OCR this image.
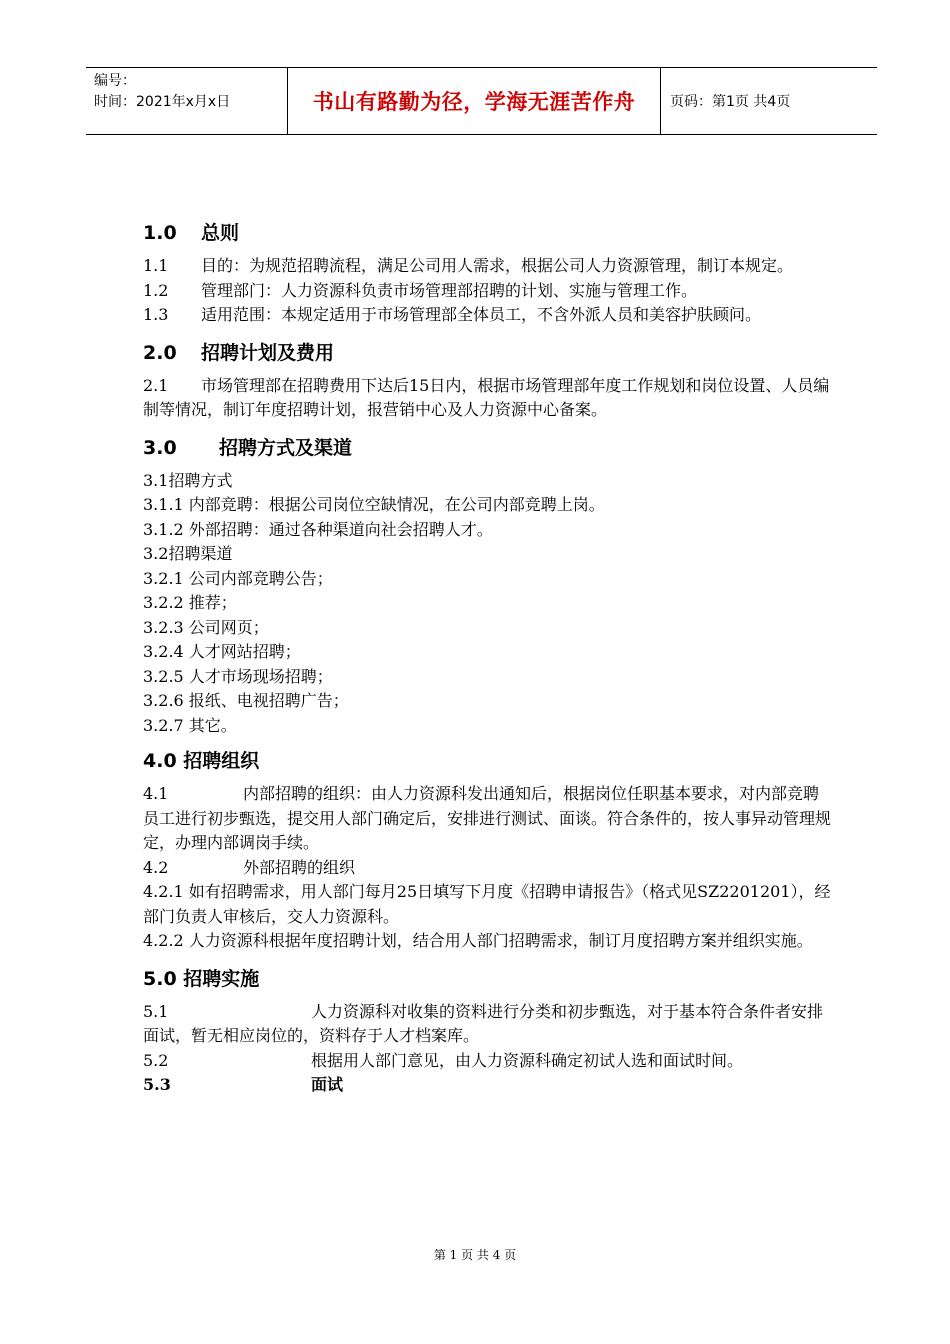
编号：
时间：2021年x月x日	书山有路勤为径，学海无涯苦作舟	页码：第1页 共4页
1.0 总则

1.1 目的：为规范招聘流程，满足公司用人需求，根据公司人力资源管理，制订本规定。

1.2 管理部门：人力资源科负责市场管理部招聘的计划、实施与管理工作。

1.3 适用范围：本规定适用于市场管理部全体员工，不含外派人员和美容护肤顾问。

2.0 招聘计划及费用

2.1 市场管理部在招聘费用下达后15日内，根据市场管理部年度工作规划和岗位设置、人员编制等情况，制订年度招聘计划，报营销中心及人力资源中心备案。

3.0 招聘方式及渠道

3.1招聘方式

3.1.1 内部竞聘：根据公司岗位空缺情况，在公司内部竞聘上岗。

3.1.2 外部招聘：通过各种渠道向社会招聘人才。

3.2招聘渠道

3.2.1 公司内部竞聘公告；

3.2.2 推荐；

3.2.3 公司网页；

3.2.4 人才网站招聘；

3.2.5 人才市场现场招聘；

3.2.6 报纸、电视招聘广告；

3.2.7 其它。

4.0 招聘组织

4.1	内部招聘的组织：由人力资源科发出通知后，根据岗位任职基本要求，对内部竞聘员工进行初步甄选，提交用人部门确定后，安排进行测试、面谈。符合条件的，按人事异动管理规定，办理内部调岗手续。

4.2	外部招聘的组织

4.2.1 如有招聘需求，用人部门每月25日填写下月度《招聘申请报告》（格式见SZ2201201），经部门负责人审核后，交人力资源科。

4.2.2 人力资源科根据年度招聘计划，结合用人部门招聘需求，制订月度招聘方案并组织实施。

5.0 招聘实施

5.1	人力资源科对收集的资料进行分类和初步甄选，对于基本符合条件者安排面试，暂无相应岗位的，资料存于人才档案库。

5.2	根据用人部门意见，由人力资源科确定初试人选和面试时间。

5.3	面试

第 1 页 共 4 页
